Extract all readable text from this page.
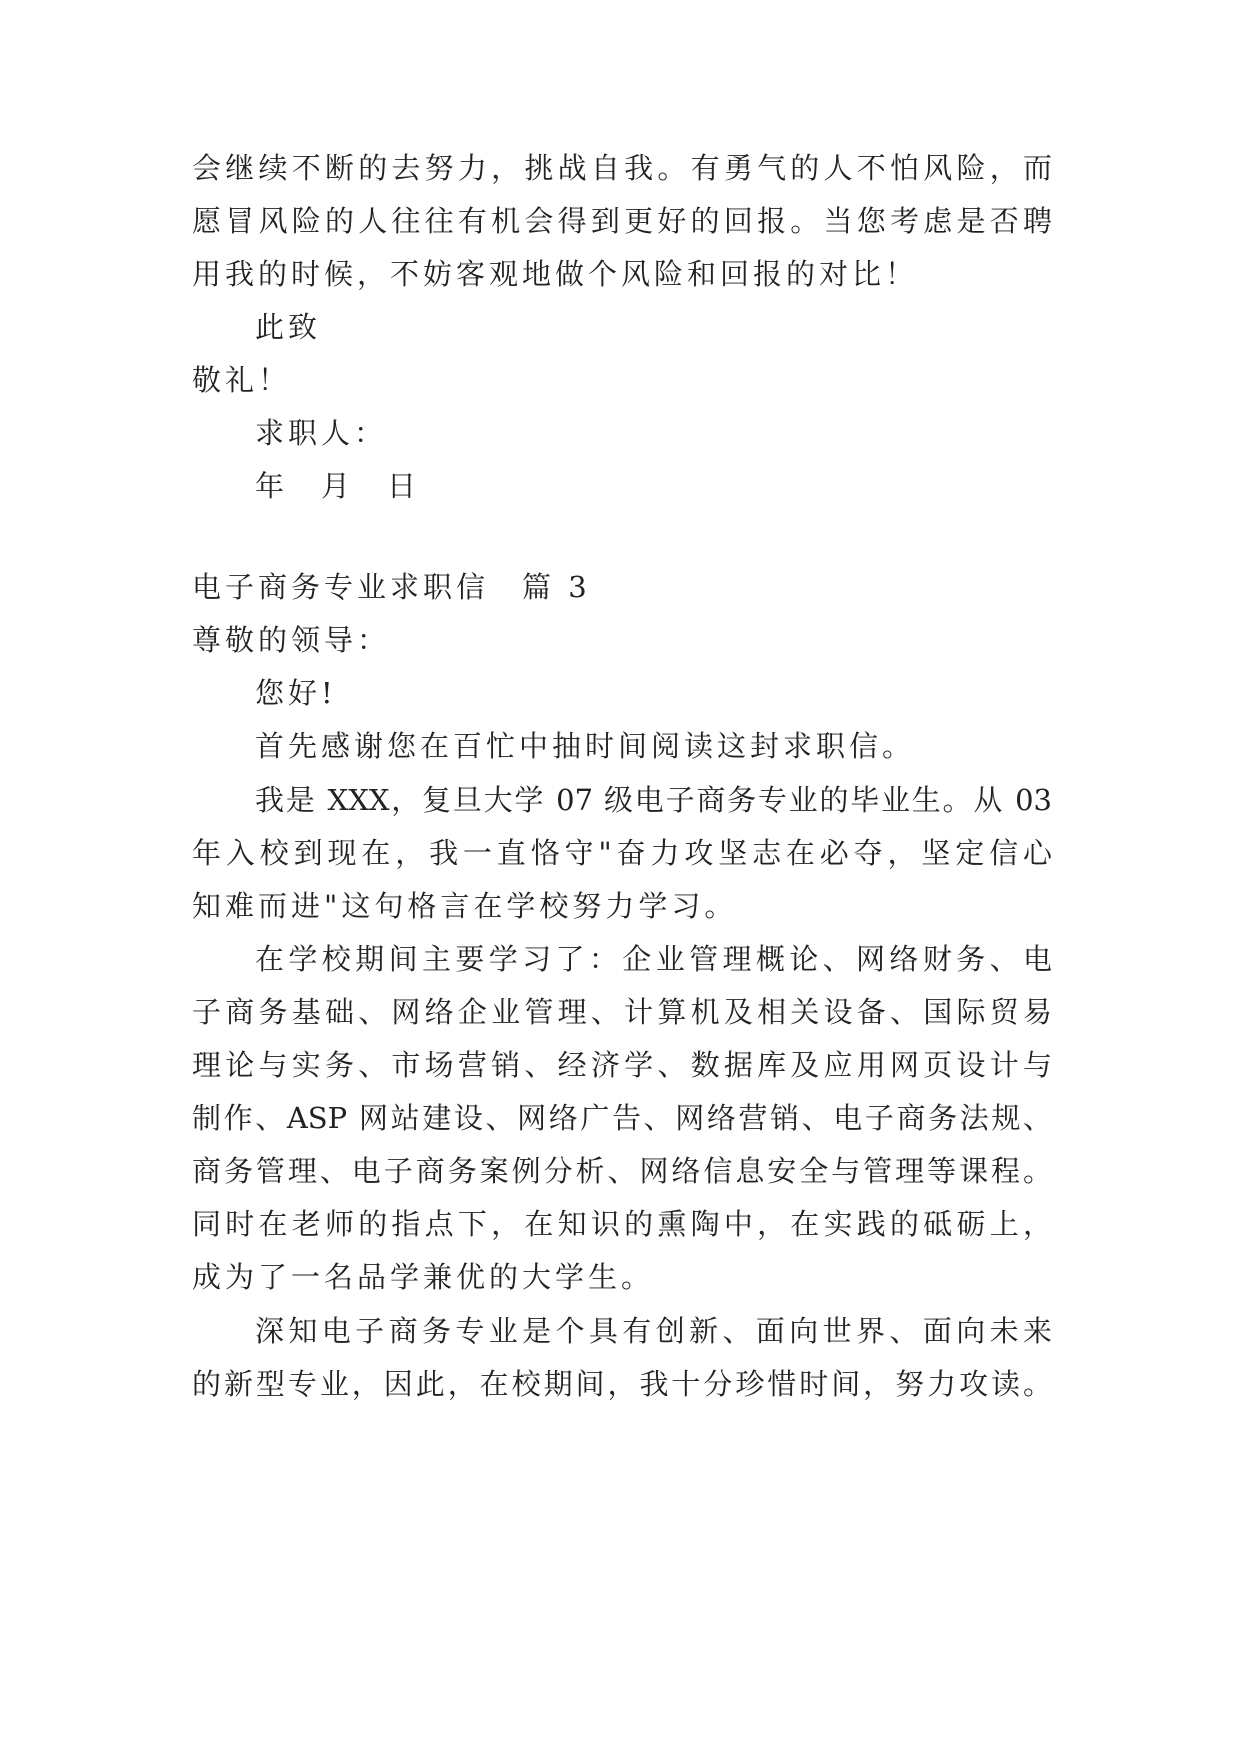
会继续不断的去努力，挑战自我。有勇气的人不怕风险，而
愿冒风险的人往往有机会得到更好的回报。当您考虑是否聘
用我的时候，不妨客观地做个风险和回报的对比！
此致
敬礼！
求职人：
年　月　日
电子商务专业求职信　篇 3
尊敬的领导：
您好!
首先感谢您在百忙中抽时间阅读这封求职信。
我是 XXX，复旦大学 07 级电子商务专业的毕业生。从 03
年入校到现在，我一直恪守"奋力攻坚志在必夺，坚定信心
知难而进"这句格言在学校努力学习。
在学校期间主要学习了：企业管理概论、网络财务、电
子商务基础、网络企业管理、计算机及相关设备、国际贸易
理论与实务、市场营销、经济学、数据库及应用网页设计与
制作、ASP 网站建设、网络广告、网络营销、电子商务法规、
商务管理、电子商务案例分析、网络信息安全与管理等课程。
同时在老师的指点下，在知识的熏陶中，在实践的砥砺上，
成为了一名品学兼优的大学生。
深知电子商务专业是个具有创新、面向世界、面向未来
的新型专业，因此，在校期间，我十分珍惜时间，努力攻读。
